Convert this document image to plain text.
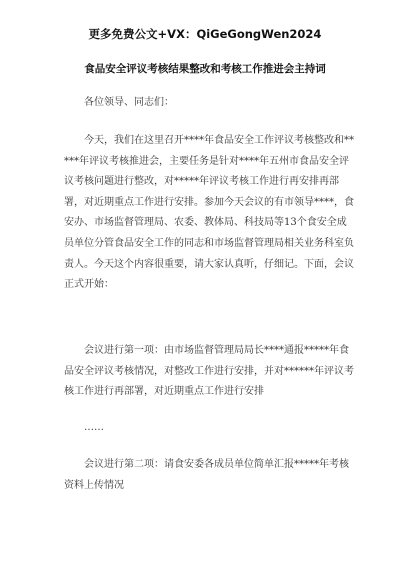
更多免费公文+VX：QiGeGongWen2024
食品安全评议考核结果整改和考核工作推进会主持词
各位领导、同志们：
今天，我们在这里召开****年食品安全工作评议考核整改和*****年评议考核推进会，主要任务是针对****年五州市食品安全评议考核问题进行整改，对*****年评议考核工作进行再安排再部署，对近期重点工作进行安排。参加今天会议的有市领导****，食安办、市场监督管理局、农委、教体局、科技局等13个食安全成员单位分管食品安全工作的同志和市场监督管理局相关业务科室负责人。今天这个内容很重要，请大家认真听，仔细记。下面，会议正式开始：
会议进行第一项：由市场监督管理局局长****通报*****年食品安全评议考核情况，对整改工作进行安排，并对******年评议考核工作进行再部署，对近期重点工作进行安排
……
会议进行第二项：请食安委各成员单位简单汇报*****年考核资料上传情况
